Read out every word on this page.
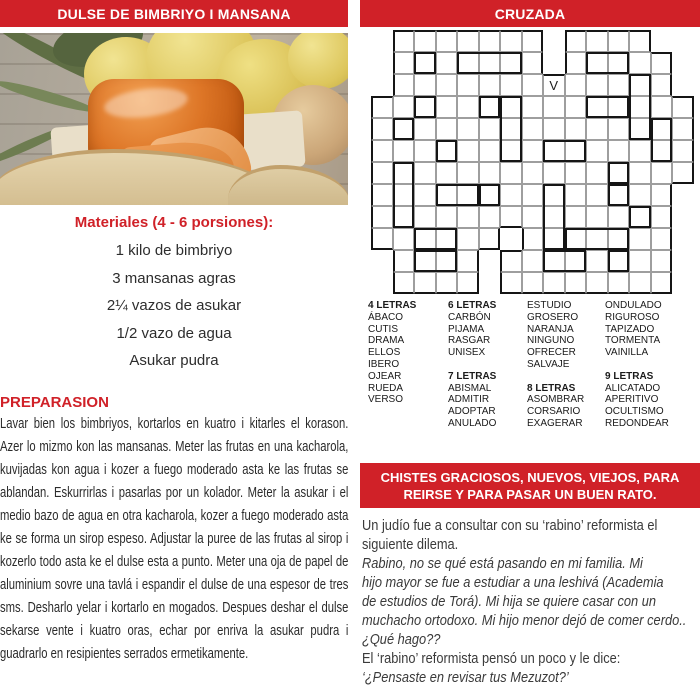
DULSE DE BIMBRIYO I MANSANA
Materiales (4 - 6 porsiones):
1 kilo de bimbriyo
3 mansanas agras
2¼ vazos de asukar
1/2 vazo de agua
Asukar pudra
PREPARASION
Lavar bien los bimbriyos, kortarlos en kuatro i kitarles el korason. Azer lo mizmo kon las mansanas. Meter las frutas en una kacharola, kuvijadas kon agua i kozer a fuego moderado asta ke las frutas se ablandan. Eskurrirlas i pasarlas por un kolador. Meter la asukar i el medio bazo de agua en otra kacharola, kozer a fuego moderado asta ke se forma un sirop espeso. Adjustar la puree de las frutas al sirop i kozerlo todo asta ke el dulse esta a punto. Meter una oja de papel de aluminium sovre una tavlá i espandir el dulse de una espesor de tres sms. Desharlo yelar i kortarlo en mogados. Despues deshar el dulse sekarse vente i kuatro oras, echar por enriva la asukar pudra i guadrarlo en resipientes serrados ermetikamente.
CRUZADA
V
4 LETRAS
ÁBACO
CUTIS
DRAMA
ELLOS
IBERO
OJEAR
RUEDA
VERSO
6 LETRAS
CARBÓN
PIJAMA
RASGAR
UNISEX

7 LETRAS
ABISMAL
ADMITIR
ADOPTAR
ANULADO
ESTUDIO
GROSERO
NARANJA
NINGUNO
OFRECER
SALVAJE

8 LETRAS
ASOMBRAR
CORSARIO
EXAGERAR
ONDULADO
RIGUROSO
TAPIZADO
TORMENTA
VAINILLA

9 LETRAS
ALICATADO
APERITIVO
OCULTISMO
REDONDEAR
CHISTES GRACIOSOS, NUEVOS, VIEJOS, PARA
REIRSE Y PARA PASAR UN BUEN RATO.
Un judío fue a consultar con su ‘rabino’ reformista el
siguiente dilema.
Rabino, no se qué está pasando en mi familia. Mi
hijo mayor se fue a estudiar a una leshivá (Academia
de estudios de Torá). Mi hija se quiere casar con un
muchacho ortodoxo. Mi hijo menor dejó de comer cerdo..
¿Qué hago??
El ‘rabino’ reformista pensó un poco y le dice:
‘¿Pensaste en revisar tus Mezuzot?’
